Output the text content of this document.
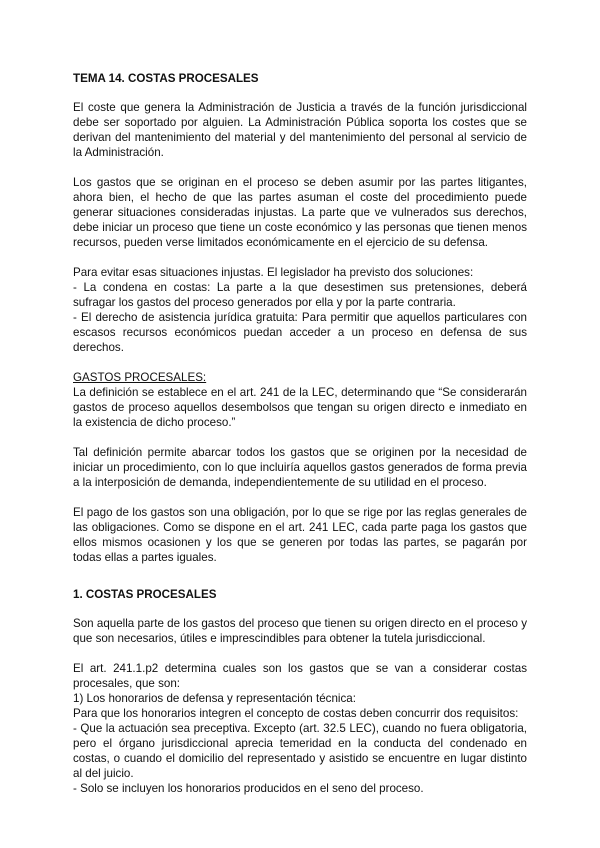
TEMA 14. COSTAS PROCESALES

El coste que genera la Administración de Justicia a través de la función jurisdiccional debe ser soportado por alguien. La Administración Pública soporta los costes que se derivan del mantenimiento del material y del mantenimiento del personal al servicio de la Administración.

Los gastos que se originan en el proceso se deben asumir por las partes litigantes, ahora bien, el hecho de que las partes asuman el coste del procedimiento puede generar situaciones consideradas injustas. La parte que ve vulnerados sus derechos, debe iniciar un proceso que tiene un coste económico y las personas que tienen menos recursos, pueden verse limitados económicamente en el ejercicio de su defensa.

Para evitar esas situaciones injustas. El legislador ha previsto dos soluciones:

- La condena en costas: La parte a la que desestimen sus pretensiones, deberá sufragar los gastos del proceso generados por ella y por la parte contraria.

- El derecho de asistencia jurídica gratuita: Para permitir que aquellos particulares con escasos recursos económicos puedan acceder a un proceso en defensa de sus derechos.

GASTOS PROCESALES:

La definición se establece en el art. 241 de la LEC, determinando que “Se considerarán gastos de proceso aquellos desembolsos que tengan su origen directo e inmediato en la existencia de dicho proceso.”

Tal definición permite abarcar todos los gastos que se originen por la necesidad de iniciar un procedimiento, con lo que incluiría aquellos gastos generados de forma previa a la interposición de demanda, independientemente de su utilidad en el proceso.

El pago de los gastos son una obligación, por lo que se rige por las reglas generales de las obligaciones. Como se dispone en el art. 241 LEC, cada parte paga los gastos que ellos mismos ocasionen y los que se generen por todas las partes, se pagarán por todas ellas a partes iguales.

1. COSTAS PROCESALES

Son aquella parte de los gastos del proceso que tienen su origen directo en el proceso y que son necesarios, útiles e imprescindibles para obtener la tutela jurisdiccional.

El art. 241.1.p2 determina cuales son los gastos que se van a considerar costas procesales, que son:

1) Los honorarios de defensa y representación técnica:

Para que los honorarios integren el concepto de costas deben concurrir dos requisitos:

- Que la actuación sea preceptiva. Excepto (art. 32.5 LEC), cuando no fuera obligatoria, pero el órgano jurisdiccional aprecia temeridad en la conducta del condenado en costas, o cuando el domicilio del representado y asistido se encuentre en lugar distinto al del juicio.

- Solo se incluyen los honorarios producidos en el seno del proceso.
